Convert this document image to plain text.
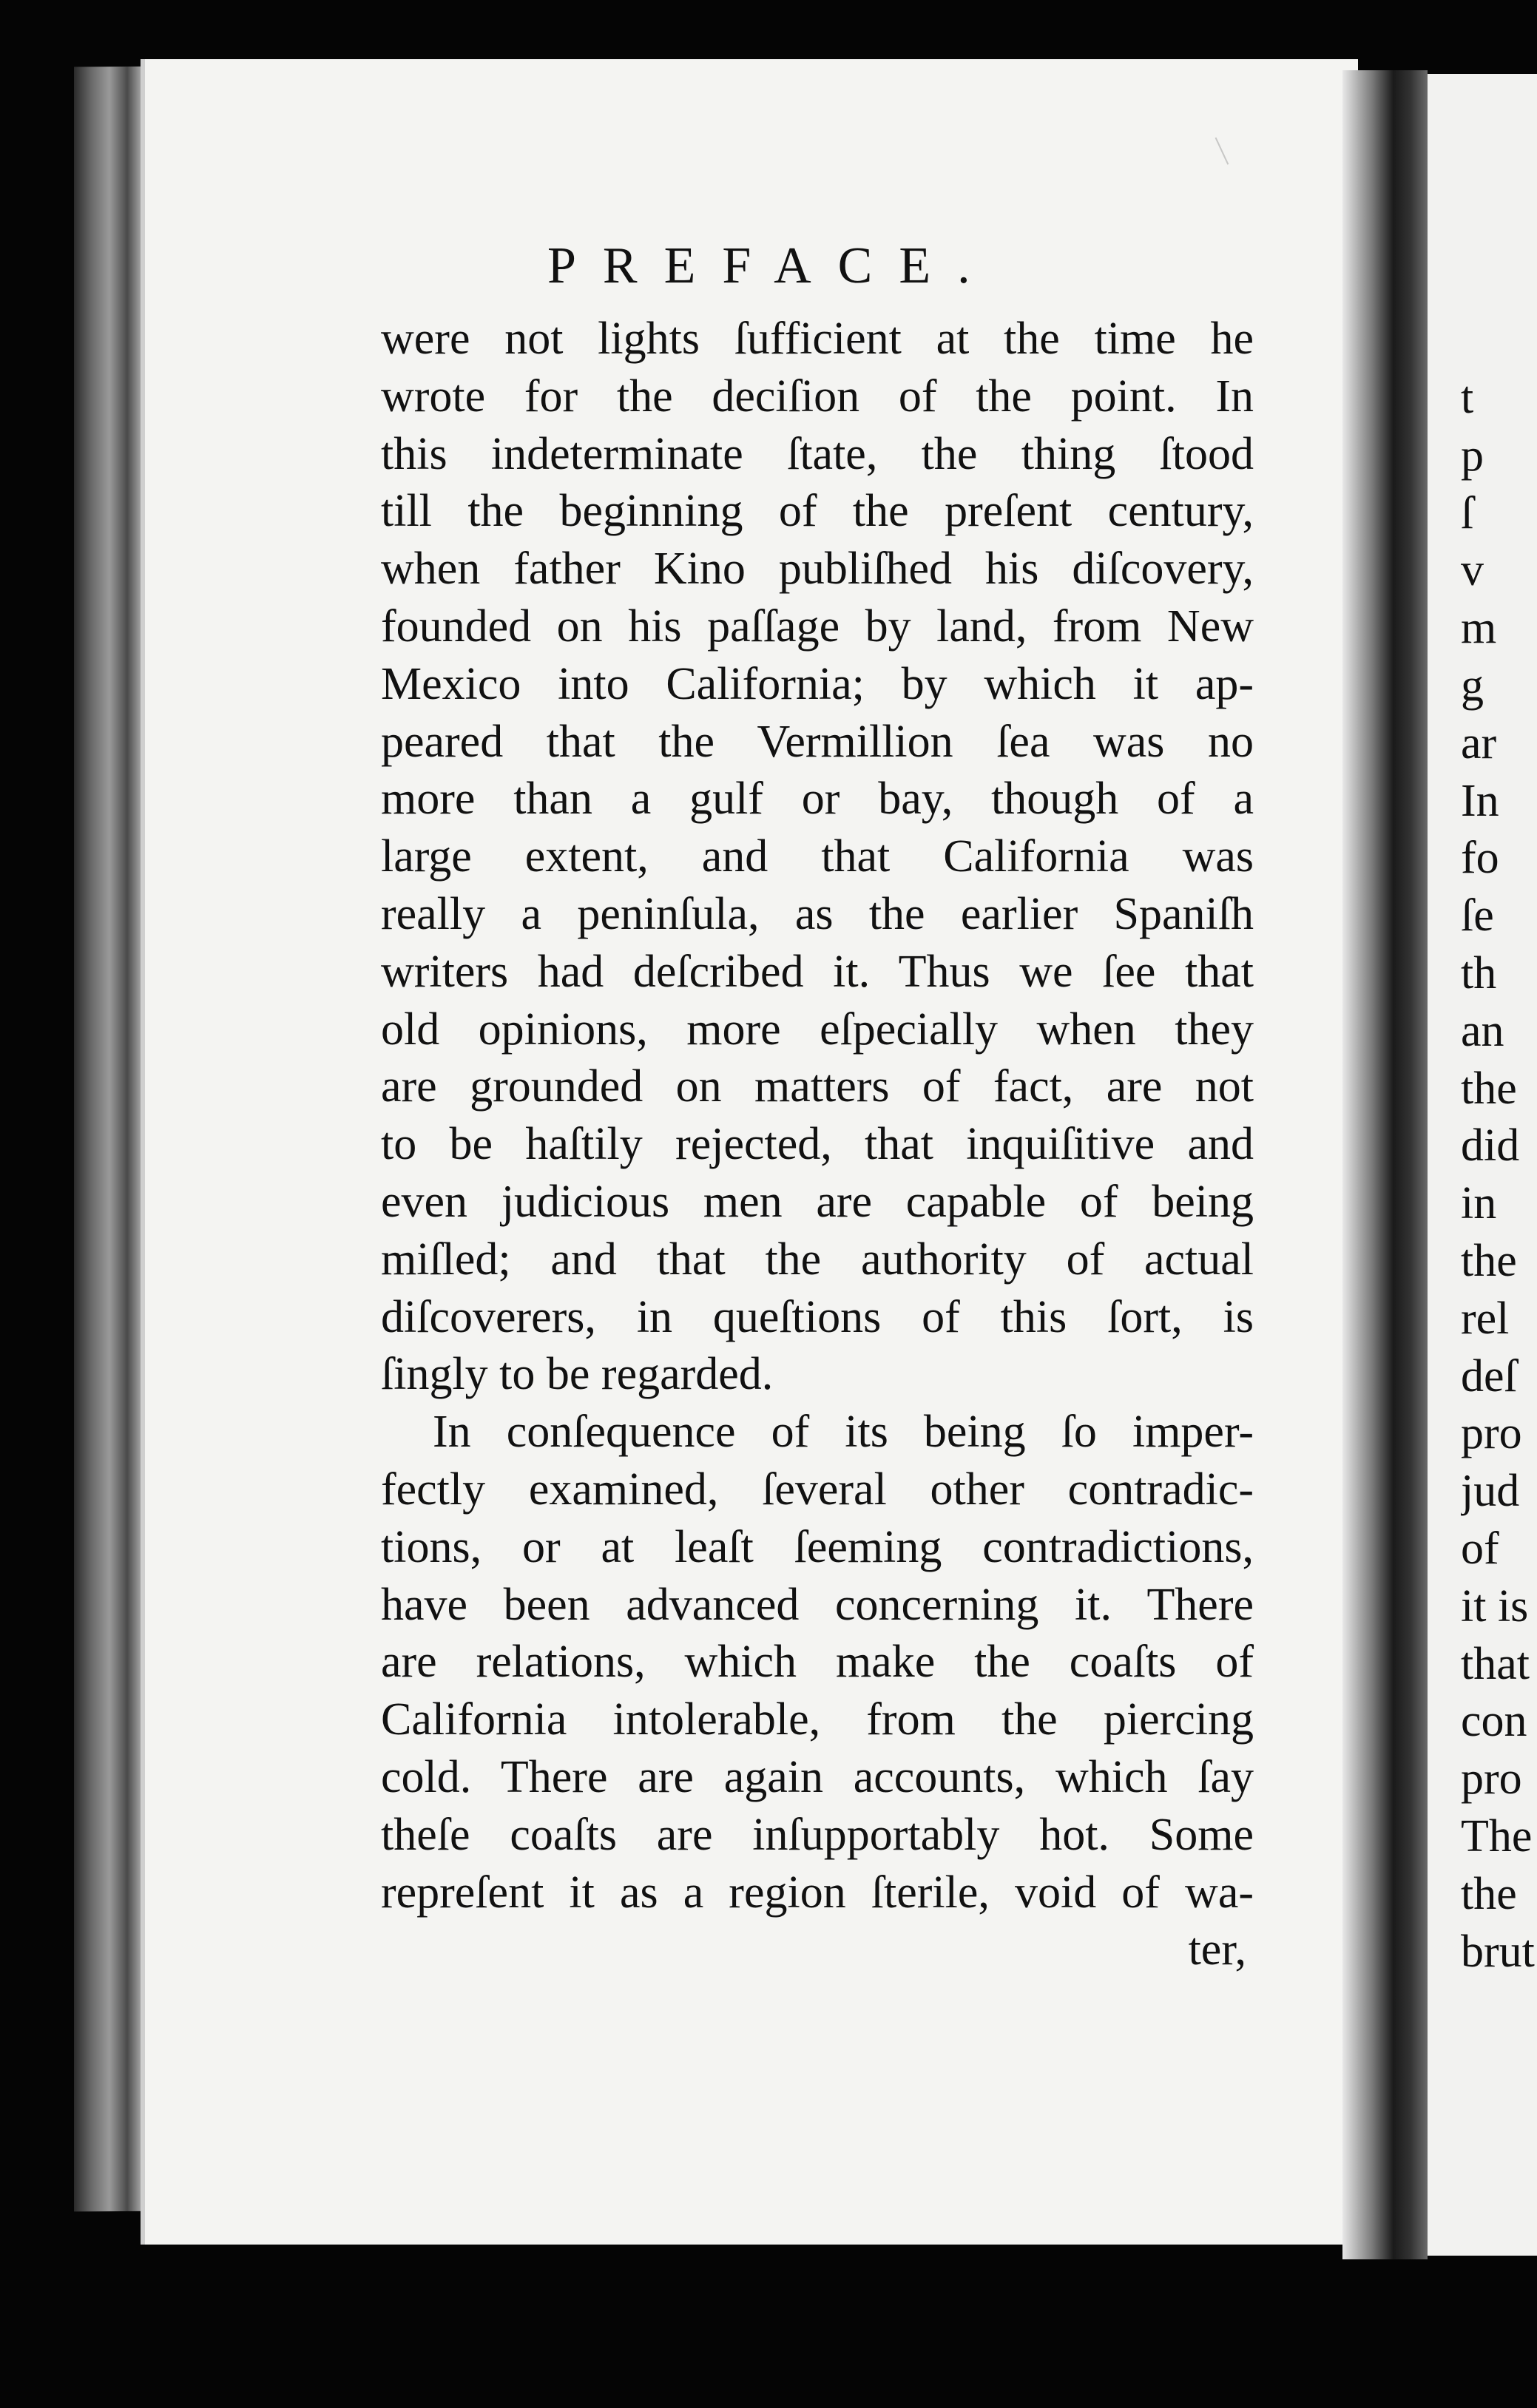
PREFACE.
were not lights ſufficient at the time he
wrote for the deciſion of the point. In
this indeterminate ſtate, the thing ſtood
till the beginning of the preſent century,
when father Kino publiſhed his diſcovery,
founded on his paſſage by land, from New
Mexico into California; by which it ap-
peared that the Vermillion ſea was no
more than a gulf or bay, though of a
large extent, and that California was
really a peninſula, as the earlier Spaniſh
writers had deſcribed it. Thus we ſee that
old opinions, more eſpecially when they
are grounded on matters of fact, are not
to be haſtily rejected, that inquiſitive and
even judicious men are capable of being
miſled; and that the authority of actual
diſcoverers, in queſtions of this ſort, is
ſingly to be regarded.
In conſequence of its being ſo imper-
fectly examined, ſeveral other contradic-
tions, or at leaſt ſeeming contradictions,
have been advanced concerning it. There
are relations, which make the coaſts of
California intolerable, from the piercing
cold. There are again accounts, which ſay
theſe coaſts are inſupportably hot. Some
repreſent it as a region ſterile, void of wa-
ter,
t
p
ſ
v
m
g
ar
In
fo
ſe
th
an
the
did
in
the
rel
deſ
pro
jud
of
it is
that
con
pro
The
the
brut
